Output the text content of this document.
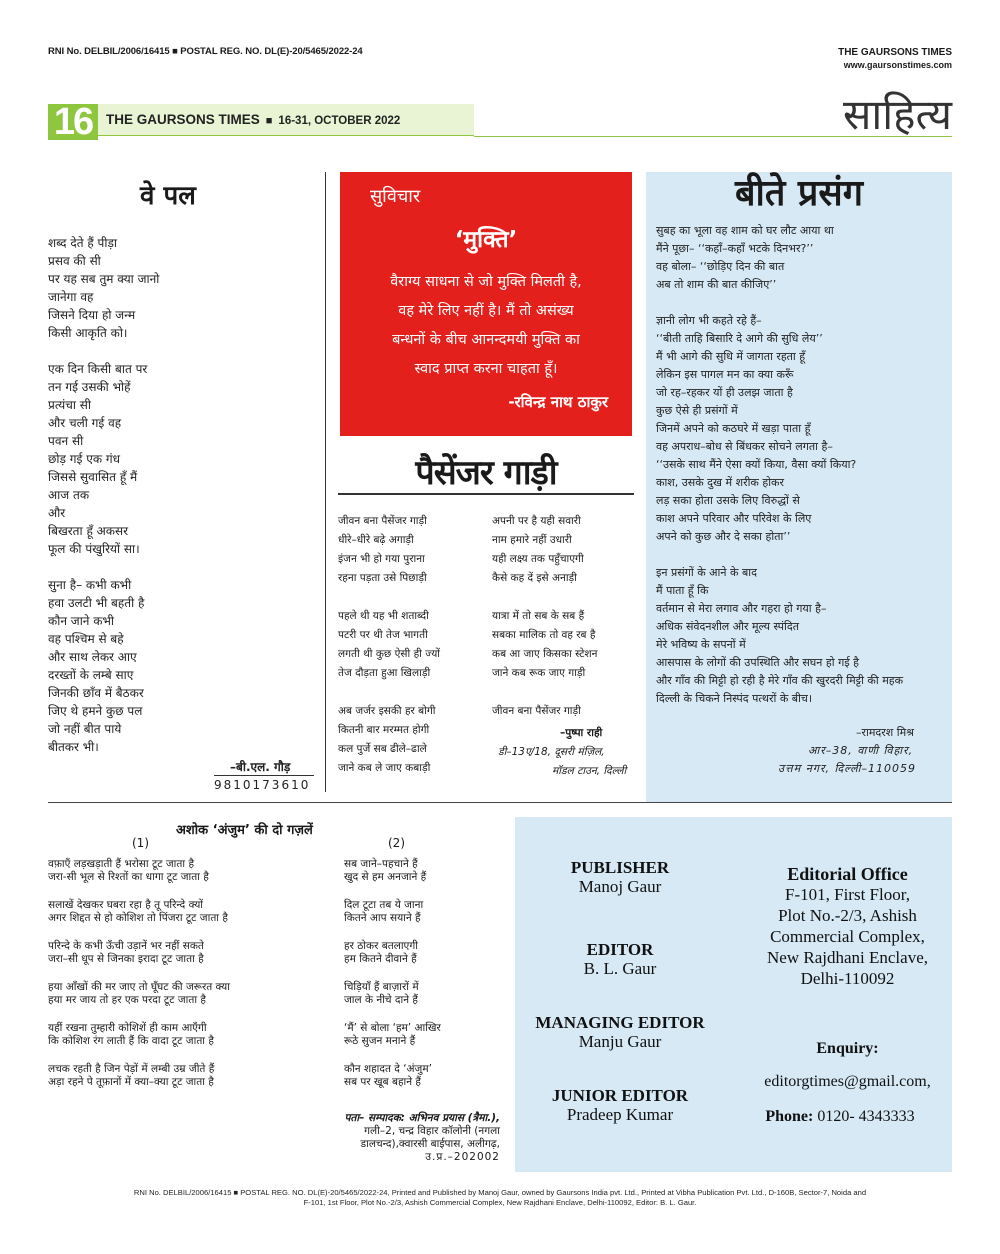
RNI No. DELBIL/2006/16415 ■ POSTAL REG. NO. DL(E)-20/5465/2022-24	THE GAURSONS TIMES
www.gaursonstimes.com
16	THE GAURSONS TIMES ■ 16-31, OCTOBER 2022	साहित्य
वे पल
शब्द देते हैं पीड़ा
प्रसव की सी
पर यह सब तुम क्या जानो
जानेगा वह
जिसने दिया हो जन्म
किसी आकृति को।
एक दिन किसी बात पर
तन गई उसकी भोहें
प्रत्यंचा सी
और चली गई वह
पवन सी
छोड़ गई एक गंध
जिससे सुवासित हूँ मैं
आज तक
और
बिखरता हूँ अकसर
फूल की पंखुरियों सा।
सुना है– कभी कभी
हवा उलटी भी बहती है
कौन जाने कभी
वह पश्चिम से बहे
और साथ लेकर आए
दरख्तों के लम्बे साए
जिनकी छाँव में बैठकर
जिए थे हमने कुछ पल
जो नहीं बीत पाये
बीतकर भी।
–बी.एल. गौड़
9810173610
सुविचार
‘मुक्ति’
वैराग्य साधना से जो मुक्ति मिलती है,
वह मेरे लिए नहीं है। मैं तो असंख्य
बन्धनों के बीच आनन्दमयी मुक्ति का
स्वाद प्राप्त करना चाहता हूँ।
-रविन्द्र नाथ ठाकुर
पैसेंजर गाड़ी
जीवन बना पैसेंजर गाड़ी
धीरे–धीरे बढ़े अगाड़ी
इंजन भी हो गया पुराना
रहना पड़ता उसे पिछाड़ी
पहले थी यह भी शताब्दी
पटरी पर थी तेज भागती
लगती थी कुछ ऐसी ही ज्यों
तेज दौड़ता हुआ खिलाड़ी
अब जर्जर इसकी हर बोगी
कितनी बार मरम्मत होगी
कल पुर्जे सब ढीले–ढाले
जाने कब ले जाए कबाड़ी
अपनी पर है यही सवारी
नाम हमारे नहीं उधारी
यही लक्ष्य तक पहुँचाएगी
कैसे कह दें इसे अनाड़ी
यात्रा में तो सब के सब हैं
सबका मालिक तो वह रब है
कब आ जाए किसका स्टेशन
जाने कब रूक जाए गाड़ी
जीवन बना पैसेंजर गाड़ी
–पुष्पा राही
डी–13ए/18, दूसरी मंज़िल,
मॉडल टाउन, दिल्ली
बीते प्रसंग
सुबह का भूला वह शाम को घर लौट आया था
मैंने पूछा– ‘‘कहाँ–कहाँ भटके दिनभर?’’
वह बोला– ‘‘छोड़िए दिन की बात
अब तो शाम की बात कीजिए’’
ज्ञानी लोग भी कहते रहे हैं–
‘‘बीती ताहि बिसारि दे आगे की सुधि लेय’’
मैं भी आगे की सुधि में जागता रहता हूँ
लेकिन इस पागल मन का क्या करूँ
जो रह–रहकर यों ही उलझ जाता है
कुछ ऐसे ही प्रसंगों में
जिनमें अपने को कठघरे में खड़ा पाता हूँ
वह अपराध–बोध से बिंधकर सोचने लगता है–
‘‘उसके साथ मैंने ऐसा क्यों किया, वैसा क्यों किया?
काश, उसके दुख में शरीक होकर
लड़ सका होता उसके लिए विरुद्धों से
काश अपने परिवार और परिवेश के लिए
अपने को कुछ और दे सका होता’’
इन प्रसंगों के आने के बाद
मैं पाता हूँ कि
वर्तमान से मेरा लगाव और गहरा हो गया है–
अधिक संवेदनशील और मूल्य स्पंदित
मेरे भविष्य के सपनों में
आसपास के लोगों की उपस्थिति और सघन हो गई है
और गाँव की मिट्टी हो रही है मेरे गाँव की खुरदरी मिट्टी की महक
दिल्ली के चिकने निस्पंद पत्थरों के बीच।
–रामदरश मिश्र
आर–38, वाणी विहार,
उत्तम नगर, दिल्ली–110059
अशोक ‘अंजुम’ की दो गज़लें
(1)	(2)
वफ़ाएँ लड़खड़ाती हैं भरोसा टूट जाता है
जरा-सी भूल से रिश्तों का धागा टूट जाता है
सलाखें देखकर घबरा रहा है तू परिन्दे क्यों
अगर शिद्दत से हो कोशिश तो पिंजरा टूट जाता है
परिन्दे के कभी ऊँची उड़ानें भर नहीं सकते
जरा–सी धूप से जिनका इरादा टूट जाता है
हया आँखों की मर जाए तो घूँघट की जरूरत क्या
हया मर जाय तो हर एक परदा टूट जाता है
यहीं रखना तुम्हारी कोशिशें ही काम आएँगी
कि कोशिश रंग लाती हैं कि वादा टूट जाता है
लचक रहती है जिन पेड़ों में लम्बी उम्र जीते हैं
अड़ा रहने पे तूफ़ानों में क्या–क्या टूट जाता है
सब जाने–पहचाने हैं
खुद से हम अनजाने हैं
दिल टूटा तब ये जाना
कितने आप सयाने हैं
हर ठोकर बतलाएगी
हम कितने दीवाने हैं
चिड़ियाँ हैं बाज़ारों में
जाल के नीचे दाने हैं
‘मैं’ से बोला ‘हम’ आखिर
रूठे सुजन मनाने हैं
कौन शहादत दे ‘अंजुम’
सब पर खूब बहाने हैं
पता– सम्पादक: अभिनव प्रयास (त्रैमा.),
गली–2, चन्द्र विहार कॉलोनी (नगला
डालचन्द),क्वारसी बाईपास, अलीगढ़,
उ.प्र.–202002
PUBLISHER
Manoj Gaur
EDITOR
B. L. Gaur
MANAGING EDITOR
Manju Gaur
JUNIOR EDITOR
Pradeep Kumar
Editorial Office
F-101, First Floor,
Plot No.-2/3, Ashish
Commercial Complex,
New Rajdhani Enclave,
Delhi-110092
Enquiry:
editorgtimes@gmail.com,
Phone: 0120- 4343333
RNI No. DELBIL/2006/16415 ■ POSTAL REG. NO. DL(E)-20/5465/2022-24, Printed and Published by Manoj Gaur, owned by Gaursons India pvt. Ltd., Printed at Vibha Publication Pvt. Ltd., D-160B, Sector-7, Noida and
F-101, 1st Floor, Plot No.-2/3, Ashish Commercial Complex, New Rajdhani Enclave, Delhi-110092, Editor: B. L. Gaur.
